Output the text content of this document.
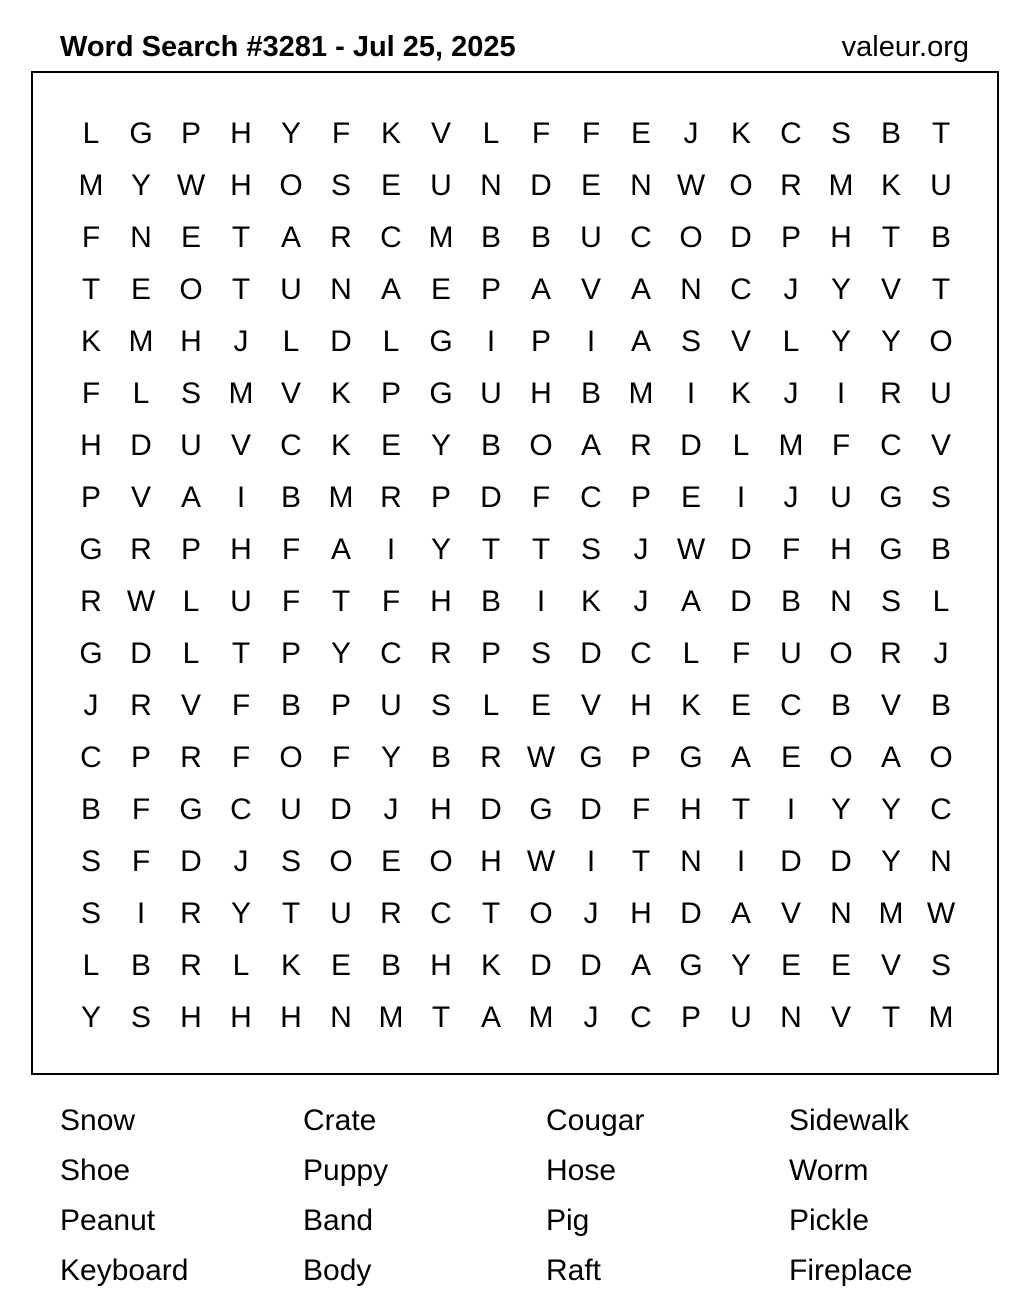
Word Search #3281 - Jul 25, 2025	valeur.org
L G P H Y	F	K V	L	F	F	E	J	K C S B	T
M Y W H O S E U N D E N W O R M K U
F	N E	T	A R C M B B U C O D P H	T	B
T	E O T	U N A E P A V A N C	J	Y V	T
K M H	J	L	D	L G	I	P	I	A S V	L	Y Y O
F	L	S M V K P G U H B M	I	K	J	I	R U
H D U V C K E Y B O A R D	L M F	C V
P V A	I	B M R P D	F	C P E	I	J	U G S
G R P H	F	A	I	Y	T	T	S	J W D	F	H G B
R W L	U	F	T	F	H B	I	K	J	A D B N S	L
G D	L	T	P Y C R P S D C	L	F	U O R	J
J	R V	F	B P U S	L	E V H K E C B V B
C P R	F O F	Y B R W G P G A E O A O
B	F G C U D	J	H D G D	F	H	T	I	Y Y C
S	F	D	J	S O E O H W	I	T	N	I	D D Y N
S	I	R Y	T	U R C	T O	J	H D A V N M W
L	B R	L	K E B H K D D A G Y E E V S
Y S H H H N M T	A M	J	C P U N V	T M
Snow
Shoe
Peanut
Keyboard
Crate
Puppy
Band
Body
Cougar
Hose
Pig
Raft
Sidewalk
Worm
Pickle
Fireplace
